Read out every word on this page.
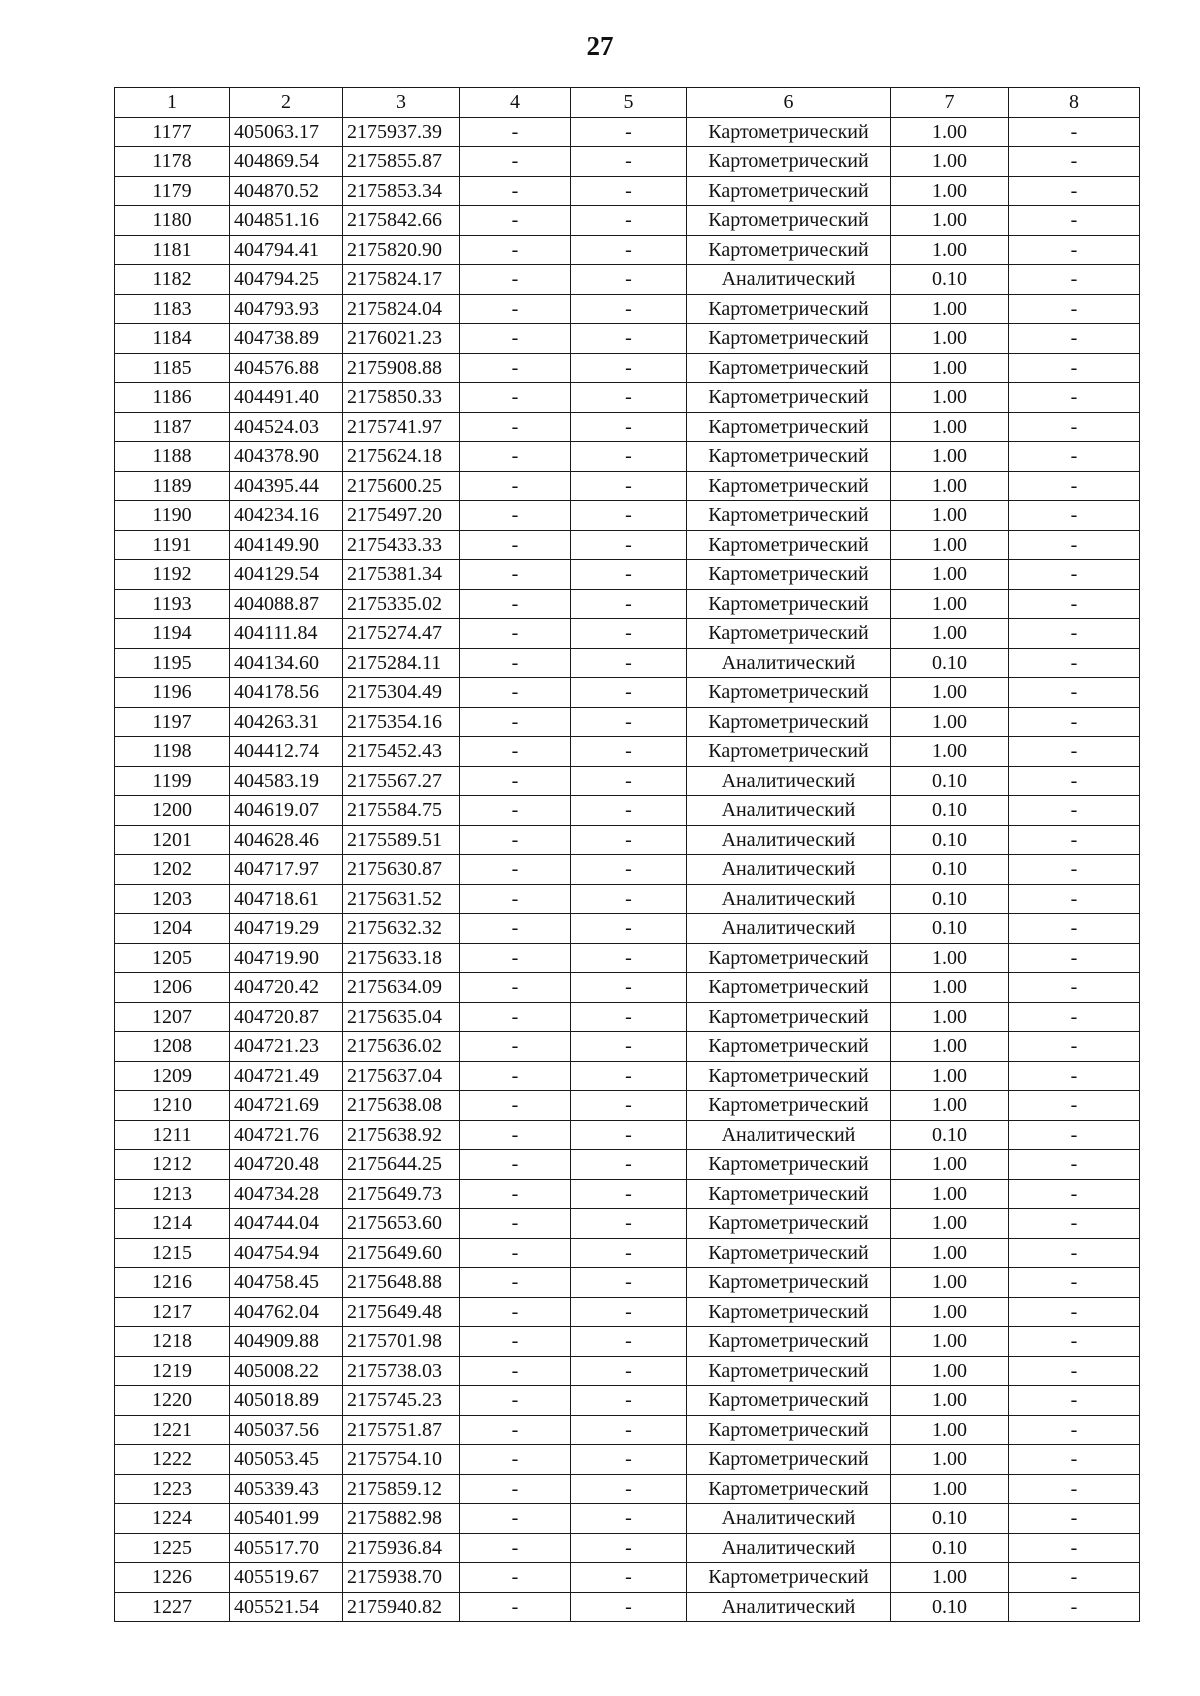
27
1	2	3	4	5	6	7	8
1177	405063.17	2175937.39	-	-	Картометрический	1.00	-
1178	404869.54	2175855.87	-	-	Картометрический	1.00	-
1179	404870.52	2175853.34	-	-	Картометрический	1.00	-
1180	404851.16	2175842.66	-	-	Картометрический	1.00	-
1181	404794.41	2175820.90	-	-	Картометрический	1.00	-
1182	404794.25	2175824.17	-	-	Аналитический	0.10	-
1183	404793.93	2175824.04	-	-	Картометрический	1.00	-
1184	404738.89	2176021.23	-	-	Картометрический	1.00	-
1185	404576.88	2175908.88	-	-	Картометрический	1.00	-
1186	404491.40	2175850.33	-	-	Картометрический	1.00	-
1187	404524.03	2175741.97	-	-	Картометрический	1.00	-
1188	404378.90	2175624.18	-	-	Картометрический	1.00	-
1189	404395.44	2175600.25	-	-	Картометрический	1.00	-
1190	404234.16	2175497.20	-	-	Картометрический	1.00	-
1191	404149.90	2175433.33	-	-	Картометрический	1.00	-
1192	404129.54	2175381.34	-	-	Картометрический	1.00	-
1193	404088.87	2175335.02	-	-	Картометрический	1.00	-
1194	404111.84	2175274.47	-	-	Картометрический	1.00	-
1195	404134.60	2175284.11	-	-	Аналитический	0.10	-
1196	404178.56	2175304.49	-	-	Картометрический	1.00	-
1197	404263.31	2175354.16	-	-	Картометрический	1.00	-
1198	404412.74	2175452.43	-	-	Картометрический	1.00	-
1199	404583.19	2175567.27	-	-	Аналитический	0.10	-
1200	404619.07	2175584.75	-	-	Аналитический	0.10	-
1201	404628.46	2175589.51	-	-	Аналитический	0.10	-
1202	404717.97	2175630.87	-	-	Аналитический	0.10	-
1203	404718.61	2175631.52	-	-	Аналитический	0.10	-
1204	404719.29	2175632.32	-	-	Аналитический	0.10	-
1205	404719.90	2175633.18	-	-	Картометрический	1.00	-
1206	404720.42	2175634.09	-	-	Картометрический	1.00	-
1207	404720.87	2175635.04	-	-	Картометрический	1.00	-
1208	404721.23	2175636.02	-	-	Картометрический	1.00	-
1209	404721.49	2175637.04	-	-	Картометрический	1.00	-
1210	404721.69	2175638.08	-	-	Картометрический	1.00	-
1211	404721.76	2175638.92	-	-	Аналитический	0.10	-
1212	404720.48	2175644.25	-	-	Картометрический	1.00	-
1213	404734.28	2175649.73	-	-	Картометрический	1.00	-
1214	404744.04	2175653.60	-	-	Картометрический	1.00	-
1215	404754.94	2175649.60	-	-	Картометрический	1.00	-
1216	404758.45	2175648.88	-	-	Картометрический	1.00	-
1217	404762.04	2175649.48	-	-	Картометрический	1.00	-
1218	404909.88	2175701.98	-	-	Картометрический	1.00	-
1219	405008.22	2175738.03	-	-	Картометрический	1.00	-
1220	405018.89	2175745.23	-	-	Картометрический	1.00	-
1221	405037.56	2175751.87	-	-	Картометрический	1.00	-
1222	405053.45	2175754.10	-	-	Картометрический	1.00	-
1223	405339.43	2175859.12	-	-	Картометрический	1.00	-
1224	405401.99	2175882.98	-	-	Аналитический	0.10	-
1225	405517.70	2175936.84	-	-	Аналитический	0.10	-
1226	405519.67	2175938.70	-	-	Картометрический	1.00	-
1227	405521.54	2175940.82	-	-	Аналитический	0.10	-
